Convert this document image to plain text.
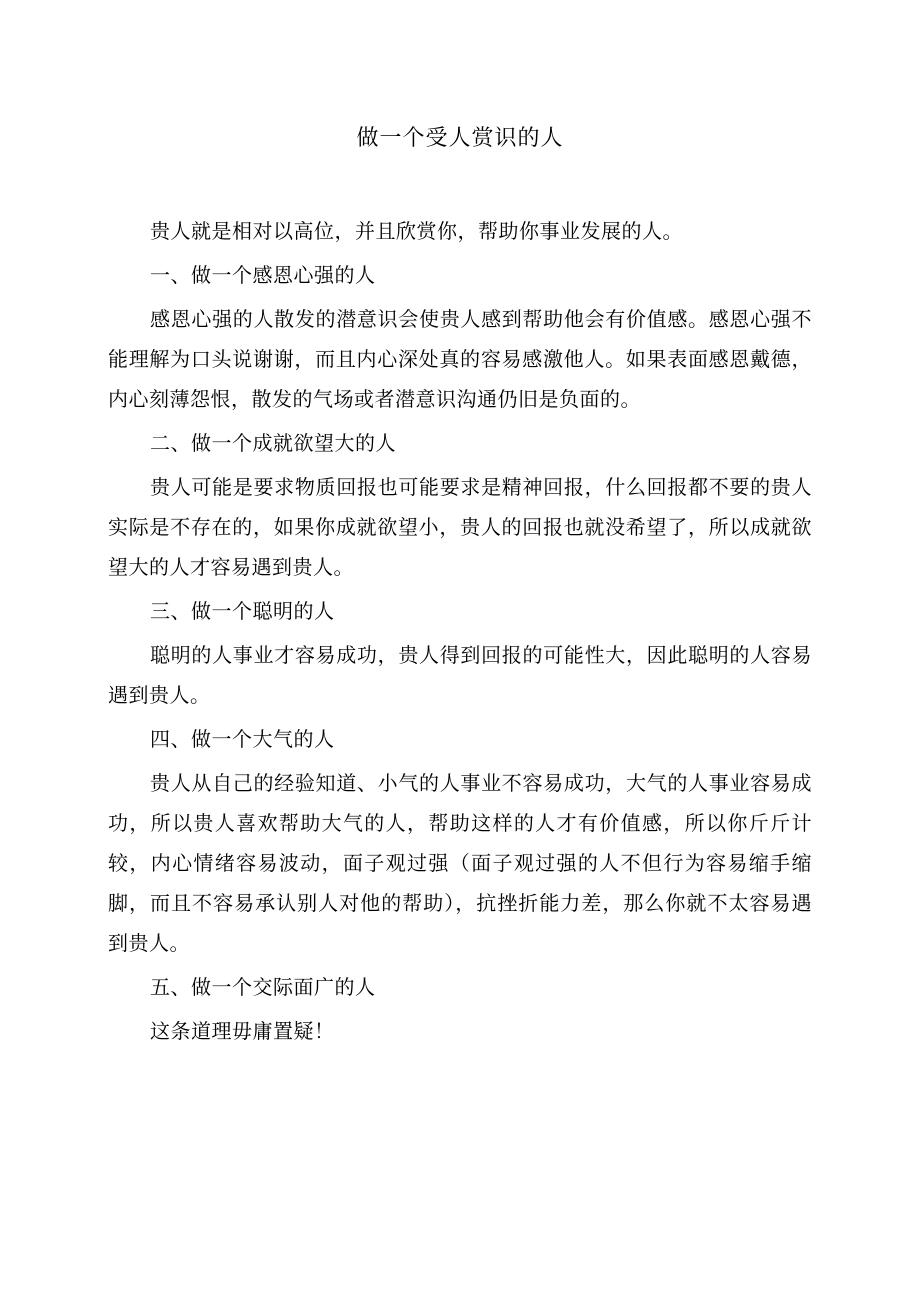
做一个受人赏识的人

贵人就是相对以高位，并且欣赏你，帮助你事业发展的人。

一、做一个感恩心强的人

感恩心强的人散发的潜意识会使贵人感到帮助他会有价值感。感恩心强不能理解为口头说谢谢，而且内心深处真的容易感激他人。如果表面感恩戴德，内心刻薄怨恨，散发的气场或者潜意识沟通仍旧是负面的。

二、做一个成就欲望大的人

贵人可能是要求物质回报也可能要求是精神回报，什么回报都不要的贵人实际是不存在的，如果你成就欲望小，贵人的回报也就没希望了，所以成就欲望大的人才容易遇到贵人。

三、做一个聪明的人

聪明的人事业才容易成功，贵人得到回报的可能性大，因此聪明的人容易遇到贵人。

四、做一个大气的人

贵人从自己的经验知道、小气的人事业不容易成功，大气的人事业容易成功，所以贵人喜欢帮助大气的人，帮助这样的人才有价值感，所以你斤斤计较，内心情绪容易波动，面子观过强（面子观过强的人不但行为容易缩手缩脚，而且不容易承认别人对他的帮助），抗挫折能力差，那么你就不太容易遇到贵人。

五、做一个交际面广的人

这条道理毋庸置疑！
